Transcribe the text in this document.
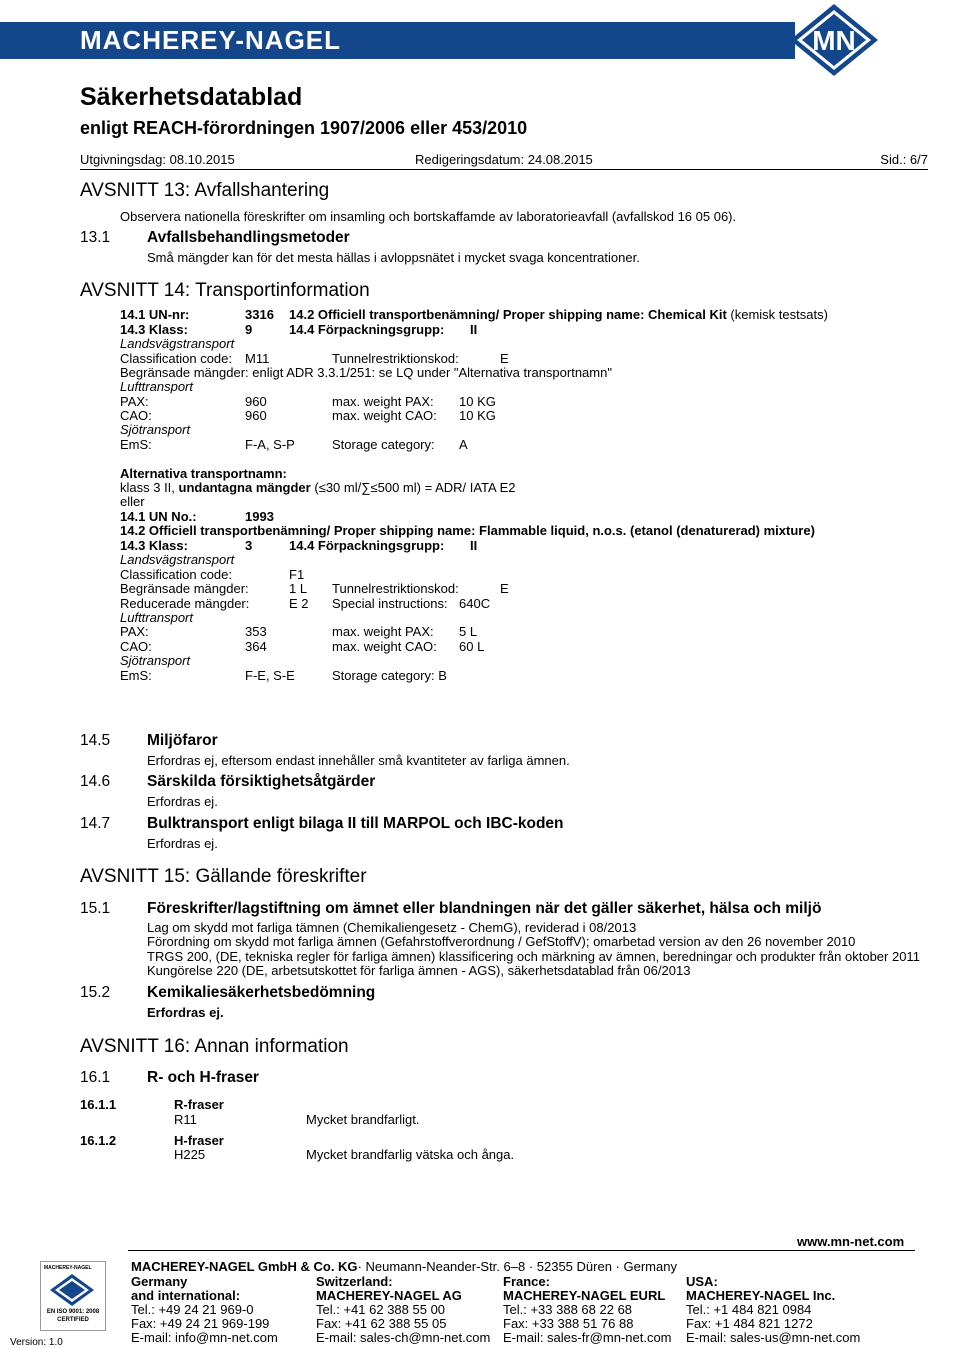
MACHEREY-NAGEL	MN
Säkerhetsdatablad
enligt REACH-förordningen 1907/2006 eller 453/2010
Utgivningsdag: 08.10.2015	Redigeringsdatum: 24.08.2015	Sid.: 6/7
AVSNITT 13: Avfallshantering
Observera nationella föreskrifter om insamling och bortskaffamde av laboratorieavfall (avfallskod 16 05 06).
13.1 Avfallsbehandlingsmetoder
Små mängder kan för det mesta hällas i avloppsnätet i mycket svaga koncentrationer.
AVSNITT 14: Transportinformation
14.1 UN-nr:	3316 14.2 Officiell transportbenämning/ Proper shipping name: Chemical Kit (kemisk testsats)
14.3 Klass:	9	14.4 Förpackningsgrupp: II
Landsvägstransport
Classification code: M11	Tunnelrestriktionskod:	E
Begränsade mängder: enligt ADR 3.3.1/251: se LQ under "Alternativa transportnamn"
Lufttransport
PAX:	960	max. weight PAX: 10 KG
CAO:	960	max. weight CAO: 10 KG
Sjötransport
EmS:	F-A, S-P	Storage category: A
Alternativa transportnamn:
klass 3 II, undantagna mängder (≤30 ml/∑≤500 ml) = ADR/ IATA E2
eller
14.1 UN No.:	1993
14.2 Officiell transportbenämning/ Proper shipping name: Flammable liquid, n.o.s. (etanol (denaturerad) mixture)
14.3 Klass:	3	14.4 Förpackningsgrupp: II
Landsvägstransport
Classification code:	F1
Begränsade mängder:	1 L Tunnelrestriktionskod:	E
Reducerade mängder:	E 2 Special instructions: 640C
Lufttransport
PAX:	353	max. weight PAX: 5 L
CAO:	364	max. weight CAO: 60 L
Sjötransport
EmS:	F-E, S-E	Storage category: B
14.5 Miljöfaror
Erfordras ej, eftersom endast innehåller små kvantiteter av farliga ämnen.
14.6 Särskilda försiktighetsåtgärder
Erfordras ej.
14.7 Bulktransport enligt bilaga II till MARPOL och IBC-koden
Erfordras ej.
AVSNITT 15: Gällande föreskrifter
15.1 Föreskrifter/lagstiftning om ämnet eller blandningen när det gäller säkerhet, hälsa och miljö
Lag om skydd mot farliga tämnen (Chemikaliengesetz - ChemG), reviderad i 08/2013
Förordning om skydd mot farliga ämnen (Gefahrstoffverordnung / GefStoffV); omarbetad version av den 26 november 2010
TRGS 200, (DE, tekniska regler för farliga ämnen) klassificering och märkning av ämnen, beredningar och produkter från oktober 2011
Kungörelse 220 (DE, arbetsutskottet för farliga ämnen - AGS), säkerhetsdatablad från 06/2013
15.2 Kemikaliesäkerhetsbedömning
Erfordras ej.
AVSNITT 16: Annan information
16.1 R- och H-fraser
16.1.1	R-fraser
R11	Mycket brandfarligt.
16.1.2	H-fraser
H225	Mycket brandfarlig vätska och ånga.
www.mn-net.com
MACHEREY-NAGEL
EN ISO 9001: 2008
CERTIFIED
Version: 1.0
MACHEREY-NAGEL GmbH & Co. KG· Neumann-Neander-Str. 6–8 · 52355 Düren · Germany
Germany
and international:
Tel.: +49 24 21 969-0
Fax: +49 24 21 969-199
E-mail: info@mn-net.com
Switzerland:
MACHEREY-NAGEL AG
Tel.: +41 62 388 55 00
Fax: +41 62 388 55 05
E-mail: sales-ch@mn-net.com
France:
MACHEREY-NAGEL EURL
Tel.: +33 388 68 22 68
Fax: +33 388 51 76 88
E-mail: sales-fr@mn-net.com
USA:
MACHEREY-NAGEL Inc.
Tel.: +1 484 821 0984
Fax: +1 484 821 1272
E-mail: sales-us@mn-net.com
